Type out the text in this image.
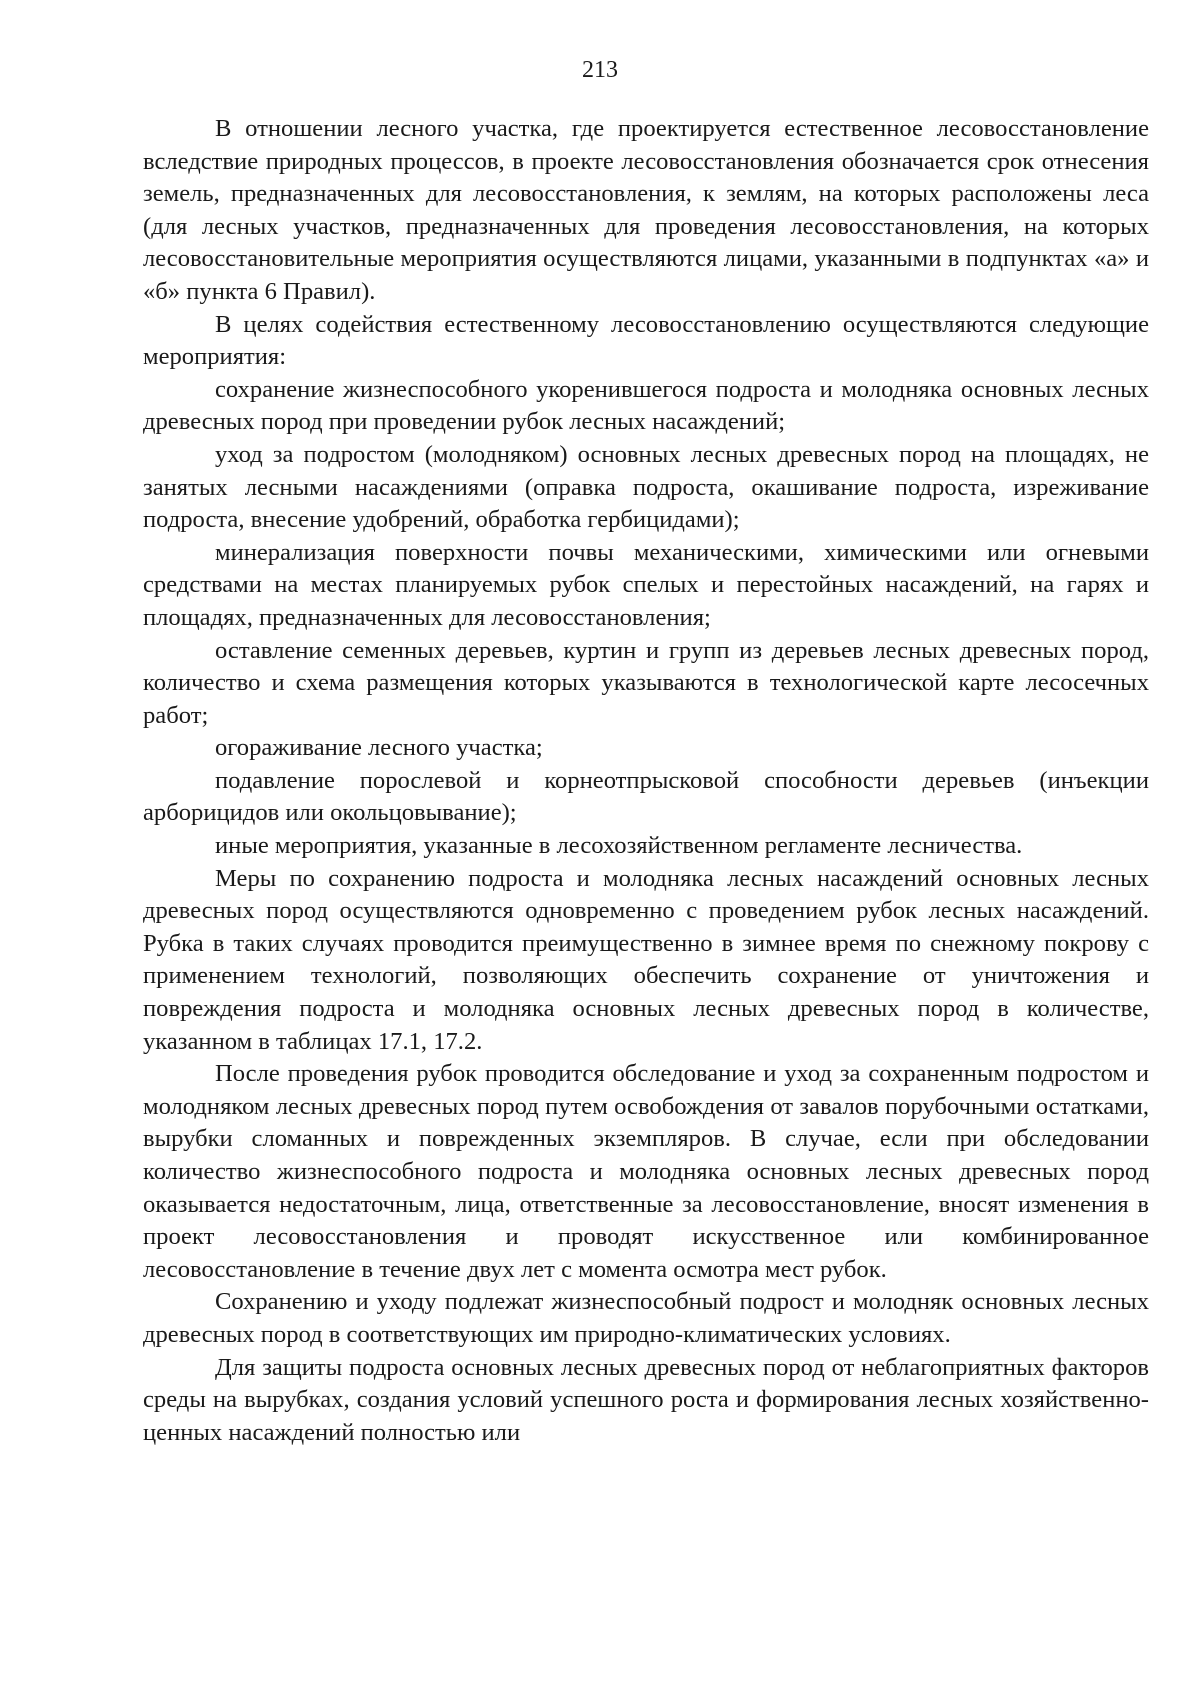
213

В отношении лесного участка, где проектируется естественное лесовосстановление вследствие природных процессов, в проекте лесовосстановления обозначается срок отнесения земель, предназначенных для лесовосстановления, к землям, на которых расположены леса (для лесных участков, предназначенных для проведения лесовосстановления, на которых лесовосстановительные мероприятия осуществляются лицами, указанными в подпунктах «а» и «б» пункта 6 Правил).

В целях содействия естественному лесовосстановлению осуществляются следующие мероприятия:

сохранение жизнеспособного укоренившегося подроста и молодняка основных лесных древесных пород при проведении рубок лесных насаждений;

уход за подростом (молодняком) основных лесных древесных пород на площадях, не занятых лесными насаждениями (оправка подроста, окашивание подроста, изреживание подроста, внесение удобрений, обработка гербицидами);

минерализация поверхности почвы механическими, химическими или огневыми средствами на местах планируемых рубок спелых и перестойных насаждений, на гарях и площадях, предназначенных для лесовосстановления;

оставление семенных деревьев, куртин и групп из деревьев лесных древесных пород, количество и схема размещения которых указываются в технологической карте лесосечных работ;

огораживание лесного участка;

подавление порослевой и корнеотпрысковой способности деревьев (инъекции арборицидов или окольцовывание);

иные мероприятия, указанные в лесохозяйственном регламенте лесничества.

Меры по сохранению подроста и молодняка лесных насаждений основных лесных древесных пород осуществляются одновременно с проведением рубок лесных насаждений. Рубка в таких случаях проводится преимущественно в зимнее время по снежному покрову с применением технологий, позволяющих обеспечить сохранение от уничтожения и повреждения подроста и молодняка основных лесных древесных пород в количестве, указанном в таблицах 17.1, 17.2.

После проведения рубок проводится обследование и уход за сохраненным подростом и молодняком лесных древесных пород путем освобождения от завалов порубочными остатками, вырубки сломанных и поврежденных экземпляров. В случае, если при обследовании количество жизнеспособного подроста и молодняка основных лесных древесных пород оказывается недостаточным, лица, ответственные за лесовосстановление, вносят изменения в проект лесовосстановления и проводят искусственное или комбинированное лесовосстановление в течение двух лет с момента осмотра мест рубок.

Сохранению и уходу подлежат жизнеспособный подрост и молодняк основных лесных древесных пород в соответствующих им природно-климатических условиях.

Для защиты подроста основных лесных древесных пород от неблагоприятных факторов среды на вырубках, создания условий успешного роста и формирования лесных хозяйственно-ценных насаждений полностью или
